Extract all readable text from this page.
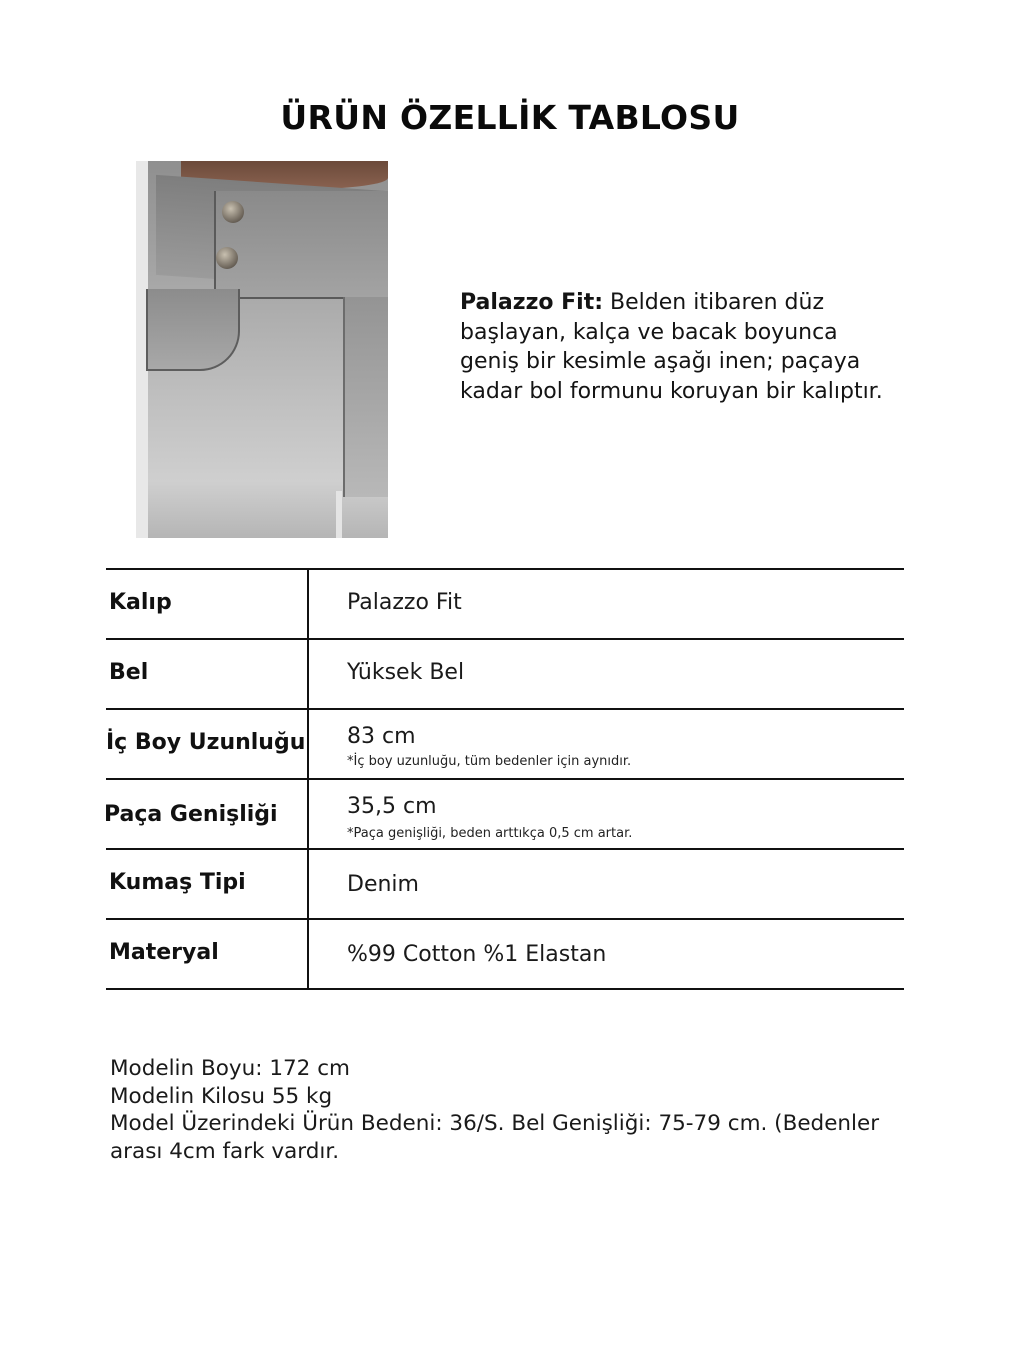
ÜRÜN ÖZELLİK TABLOSU
Palazzo Fit: Belden itibaren düz
başlayan, kalça ve bacak boyunca
geniş bir kesimle aşağı inen; paçaya
kadar bol formunu koruyan bir kalıptır.
Kalıp	Palazzo Fit
Bel	Yüksek Bel
İç Boy Uzunluğu 83 cm
*İç boy uzunluğu, tüm bedenler için aynıdır.
Paça Genişliği	35,5 cm
*Paça genişliği, beden arttıkça 0,5 cm artar.
Kumaş Tipi	Denim
Materyal	%99 Cotton %1 Elastan
Modelin Boyu: 172 cm
Modelin Kilosu 55 kg
Model Üzerindeki Ürün Bedeni: 36/S. Bel Genişliği: 75-79 cm. (Bedenler
arası 4cm fark vardır.
